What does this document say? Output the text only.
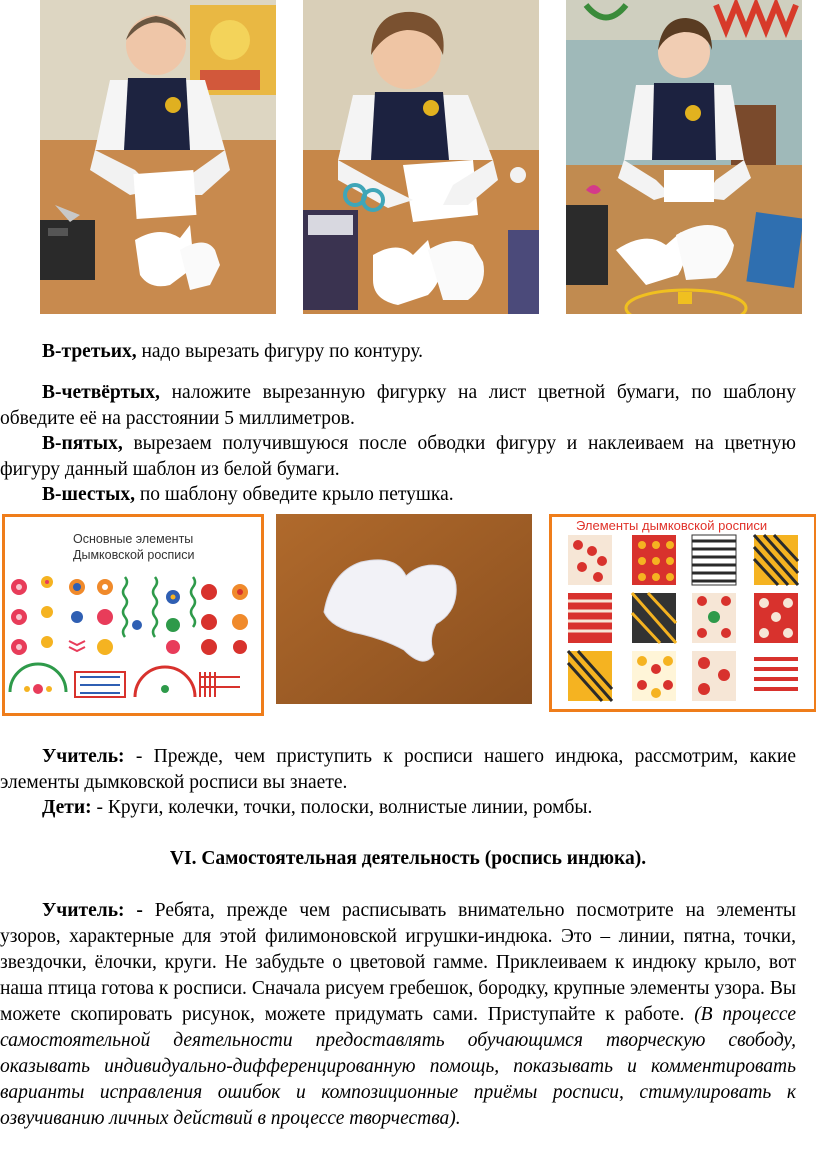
В-третьих, надо вырезать фигуру по контуру.

В-четвёртых, наложите вырезанную фигурку на лист цветной бумаги, по шаблону обведите её на расстоянии 5 миллиметров.

В-пятых, вырезаем получившуюся после обводки фигуру и наклеиваем на цветную фигуру данный шаблон из белой бумаги.

В-шестых, по шаблону обведите крыло петушка.

Основные элементы
Дымковской росписи
Элементы дымковской росписи

Учитель: - Прежде, чем приступить к росписи нашего индюка, рассмотрим, какие элементы дымковской росписи вы знаете.

Дети: - Круги, колечки, точки, полоски, волнистые линии, ромбы.

VI. Самостоятельная деятельность (роспись индюка).

Учитель: - Ребята, прежде чем расписывать внимательно посмотрите на элементы узоров, характерные для этой филимоновской игрушки-индюка. Это – линии, пятна, точки, звездочки, ёлочки, круги. Не забудьте о цветовой гамме. Приклеиваем к индюку крыло, вот наша птица готова к росписи. Сначала рисуем гребешок, бородку, крупные элементы узора. Вы можете скопировать рисунок, можете придумать сами. Приступайте к работе. (В процессе самостоятельной деятельности предоставлять обучающимся творческую свободу, оказывать индивидуально-дифференцированную помощь, показывать и комментировать варианты исправления ошибок и композиционные приёмы росписи, стимулировать к озвучиванию личных действий в процессе творчества).
